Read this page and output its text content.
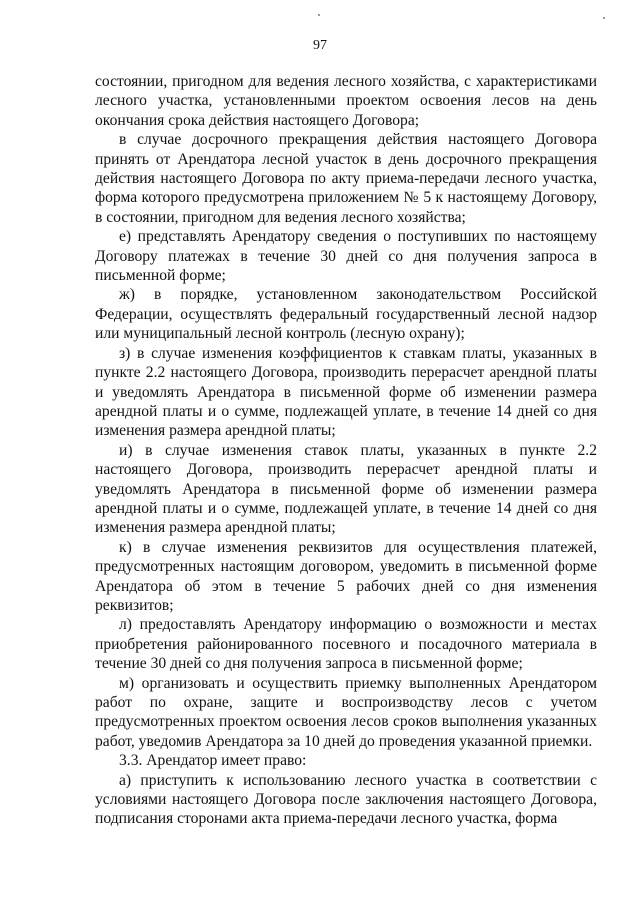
97

состоянии, пригодном для ведения лесного хозяйства, с характеристиками лесного участка, установленными проектом освоения лесов на день окончания срока действия настоящего Договора;

в случае досрочного прекращения действия настоящего Договора принять от Арендатора лесной участок в день досрочного прекращения действия настоящего Договора по акту приема-передачи лесного участка, форма которого предусмотрена приложением № 5 к настоящему Договору, в состоянии, пригодном для ведения лесного хозяйства;

е) представлять Арендатору сведения о поступивших по настоящему Договору платежах в течение 30 дней со дня получения запроса в письменной форме;

ж) в порядке, установленном законодательством Российской Федерации, осуществлять федеральный государственный лесной надзор или муниципальный лесной контроль (лесную охрану);

з) в случае изменения коэффициентов к ставкам платы, указанных в пункте 2.2 настоящего Договора, производить перерасчет арендной платы и уведомлять Арендатора в письменной форме об изменении размера арендной платы и о сумме, подлежащей уплате, в течение 14 дней со дня изменения размера арендной платы;

и) в случае изменения ставок платы, указанных в пункте 2.2 настоящего Договора, производить перерасчет арендной платы и уведомлять Арендатора в письменной форме об изменении размера арендной платы и о сумме, подлежащей уплате, в течение 14 дней со дня изменения размера арендной платы;

к) в случае изменения реквизитов для осуществления платежей, предусмотренных настоящим договором, уведомить в письменной форме Арендатора об этом в течение 5 рабочих дней со дня изменения реквизитов;

л) предоставлять Арендатору информацию о возможности и местах приобретения районированного посевного и посадочного материала в течение 30 дней со дня получения запроса в письменной форме;

м) организовать и осуществить приемку выполненных Арендатором работ по охране, защите и воспроизводству лесов с учетом предусмотренных проектом освоения лесов сроков выполнения указанных работ, уведомив Арендатора за 10 дней до проведения указанной приемки.

3.3. Арендатор имеет право:

а) приступить к использованию лесного участка в соответствии с условиями настоящего Договора после заключения настоящего Договора, подписания сторонами акта приема-передачи лесного участка, форма
